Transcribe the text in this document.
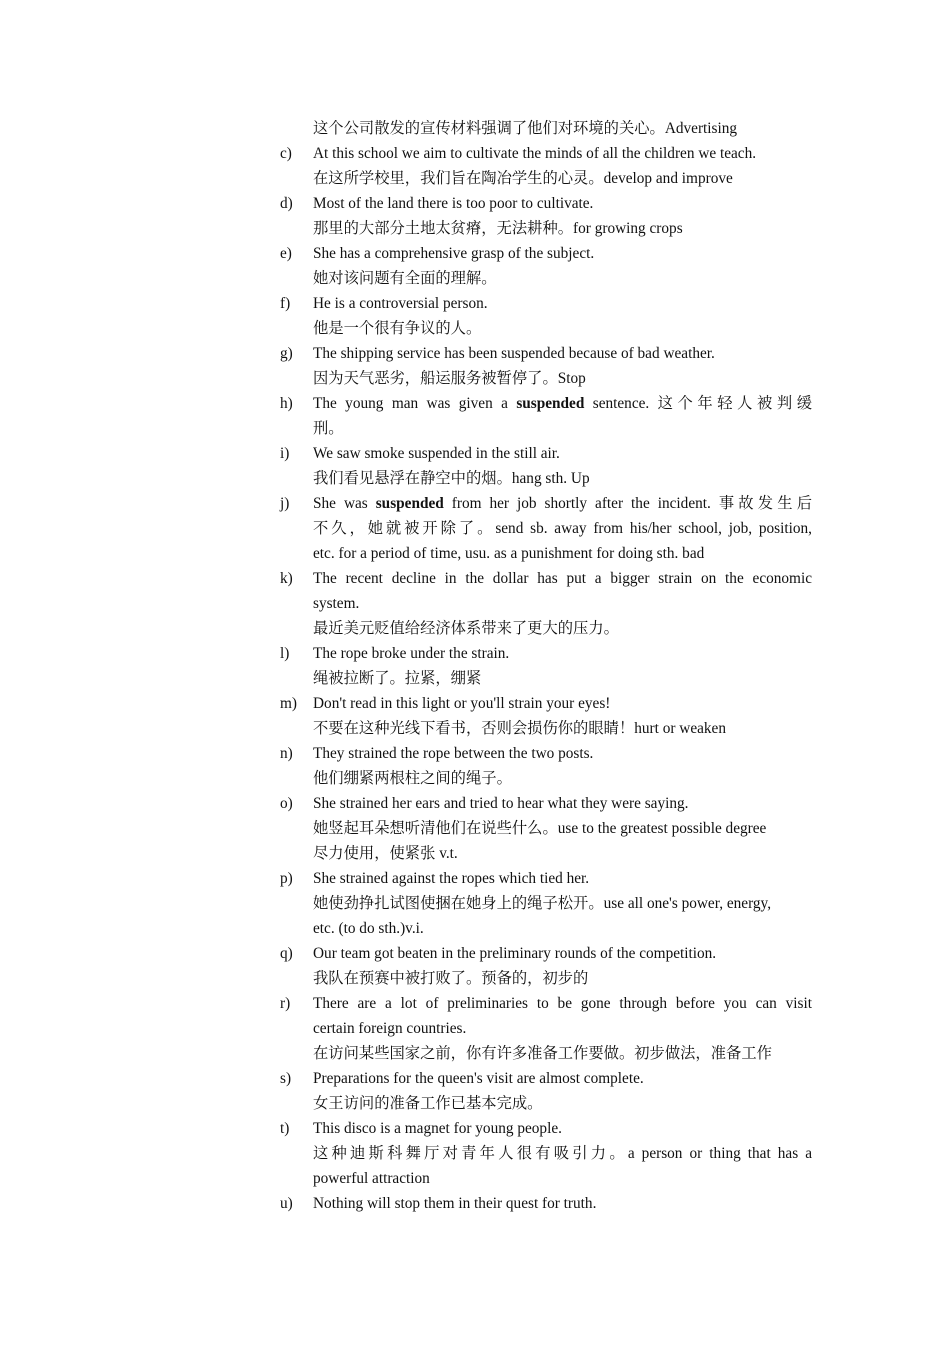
这个公司散发的宣传材料强调了他们对环境的关心。Advertising
c)	At this school we aim to cultivate the minds of all the children we teach.
在这所学校里，我们旨在陶冶学生的心灵。develop and improve
d)	Most of the land there is too poor to cultivate.
那里的大部分土地太贫瘠，无法耕种。for growing crops
e)	She has a comprehensive grasp of the subject.
她对该问题有全面的理解。
f)	He is a controversial person.
他是一个很有争议的人。
g)	The shipping service has been suspended because of bad weather.
因为天气恶劣，船运服务被暂停了。Stop
h)	The young man was given a suspended sentence. 这个年轻人被判缓
刑。
i)	We saw smoke suspended in the still air.
我们看见悬浮在静空中的烟。hang sth. Up
j)	She was suspended from her job shortly after the incident. 事故发生后
不久，她就被开除了。send sb. away from his/her school, job, position,
etc. for a period of time, usu. as a punishment for doing sth. bad
k)	The recent decline in the dollar has put a bigger strain on the economic
system.
最近美元贬值给经济体系带来了更大的压力。
l)	The rope broke under the strain.
绳被拉断了。拉紧，绷紧
m)	Don't read in this light or you'll strain your eyes!
不要在这种光线下看书，否则会损伤你的眼睛！hurt or weaken
n)	They strained the rope between the two posts.
他们绷紧两根柱之间的绳子。
o)	She strained her ears and tried to hear what they were saying.
她竖起耳朵想听清他们在说些什么。use to the greatest possible degree
尽力使用，使紧张 v.t.
p)	She strained against the ropes which tied her.
她使劲挣扎试图使捆在她身上的绳子松开。use all one's power, energy,
etc. (to do sth.)v.i.
q)	Our team got beaten in the preliminary rounds of the competition.
我队在预赛中被打败了。预备的，初步的
r)	There are a lot of preliminaries to be gone through before you can visit
certain foreign countries.
在访问某些国家之前，你有许多准备工作要做。初步做法，准备工作
s)	Preparations for the queen's visit are almost complete.
女王访问的准备工作已基本完成。
t)	This disco is a magnet for young people.
这种迪斯科舞厅对青年人很有吸引力。a person or thing that has a
powerful attraction
u)	Nothing will stop them in their quest for truth.
